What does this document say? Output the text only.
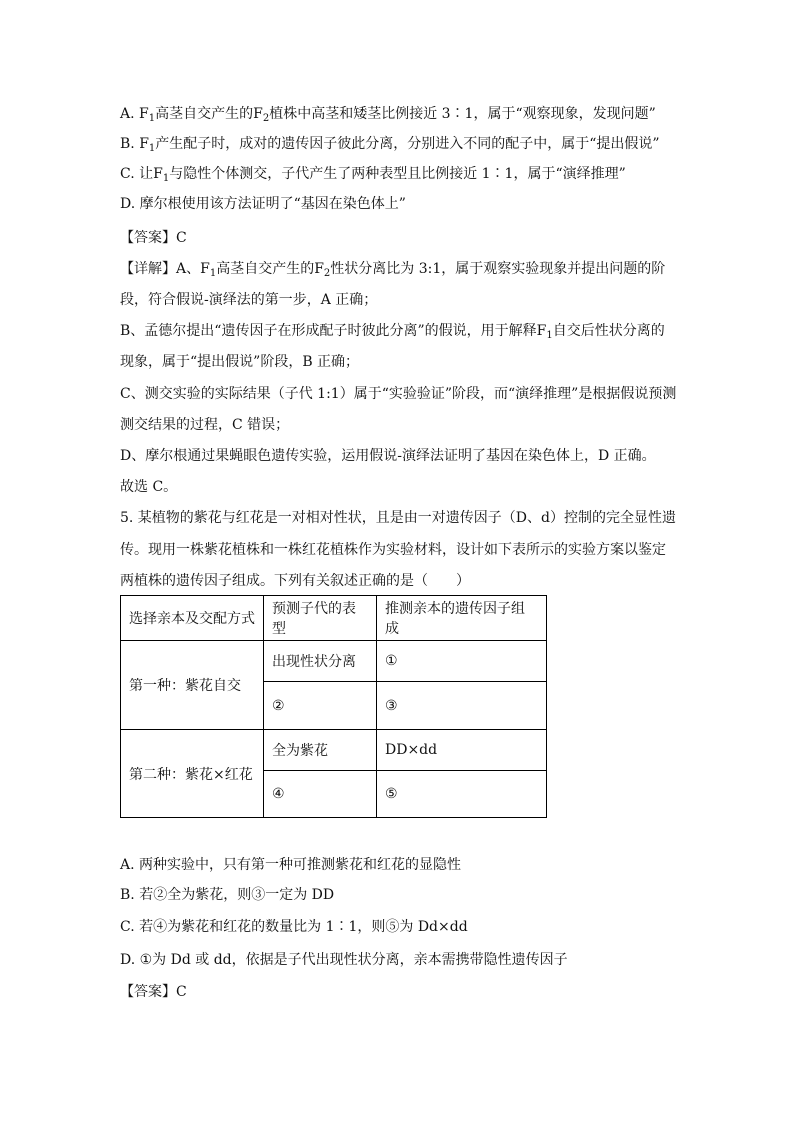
A. $F_1$高茎自交产生的$F_2$植株中高茎和矮茎比例接近 3∶1，属于“观察现象，发现问题”
B. $F_1$产生配子时，成对的遗传因子彼此分离，分别进入不同的配子中，属于“提出假说”
C. 让$F_1$与隐性个体测交，子代产生了两种表型且比例接近 1∶1，属于“演绎推理”
D. 摩尔根使用该方法证明了“基因在染色体上”
【答案】C
【详解】A、$F_1$高茎自交产生的$F_2$性状分离比为 3:1，属于观察实验现象并提出问题的阶
段，符合假说-演绎法的第一步，A 正确；
B、孟德尔提出“遗传因子在形成配子时彼此分离”的假说，用于解释$F_1$自交后性状分离的
现象，属于“提出假说”阶段，B 正确；
C、测交实验的实际结果（子代 1:1）属于“实验验证”阶段，而“演绎推理”是根据假说预测
测交结果的过程，C 错误；
D、摩尔根通过果蝇眼色遗传实验，运用假说-演绎法证明了基因在染色体上，D 正确。
故选 C。
5. 某植物的紫花与红花是一对相对性状，且是由一对遗传因子（D、d）控制的完全显性遗
传。现用一株紫花植株和一株红花植株作为实验材料，设计如下表所示的实验方案以鉴定
两植株的遗传因子组成。下列有关叙述正确的是（　　）
选择亲本及交配方式	预测子代的表型	推测亲本的遗传因子组成
第一种：紫花自交	出现性状分离	①
	②	③
第二种：紫花×红花	全为紫花	DD×dd
	④	⑤
A. 两种实验中，只有第一种可推测紫花和红花的显隐性
B. 若②全为紫花，则③一定为 DD
C. 若④为紫花和红花的数量比为 1∶1，则⑤为 Dd×dd
D. ①为 Dd 或 dd，依据是子代出现性状分离，亲本需携带隐性遗传因子
【答案】C
